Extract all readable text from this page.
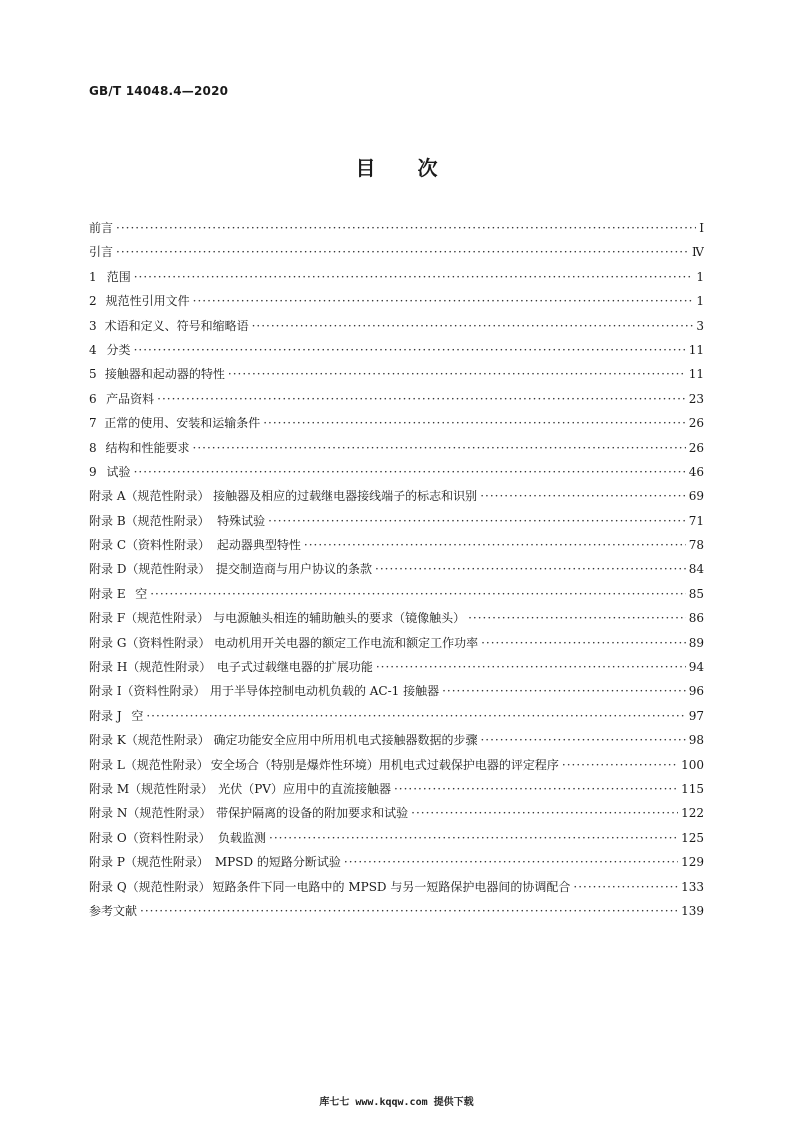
GB/T 14048.4—2020
目 次
前言 ·····	Ⅰ
引言 ·····	Ⅳ
1 范围 ·····	1
2 规范性引用文件 ·····	1
3 术语和定义、符号和缩略语 ·····	3
4 分类 ·····	11
5 接触器和起动器的特性 ·····	11
6 产品资料 ·····	23
7 正常的使用、安装和运输条件 ·····	26
8 结构和性能要求 ·····	26
9 试验 ·····	46
附录 A（规范性附录） 接触器及相应的过载继电器接线端子的标志和识别 ·····	69
附录 B（规范性附录） 特殊试验 ·····	71
附录 C（资料性附录） 起动器典型特性 ·····	78
附录 D（规范性附录） 提交制造商与用户协议的条款 ·····	84
附录 E 空 ·····	85
附录 F（规范性附录） 与电源触头相连的辅助触头的要求（镜像触头） ·····	86
附录 G（资料性附录） 电动机用开关电器的额定工作电流和额定工作功率 ·····	89
附录 H（规范性附录） 电子式过载继电器的扩展功能 ·····	94
附录 I（资料性附录） 用于半导体控制电动机负载的 AC-1 接触器 ·····	96
附录 J 空 ·····	97
附录 K（规范性附录） 确定功能安全应用中所用机电式接触器数据的步骤 ·····	98
附录 L（规范性附录） 安全场合（特别是爆炸性环境）用机电式过载保护电器的评定程序 ·····	100
附录 M（规范性附录） 光伏（PV）应用中的直流接触器 ·····	115
附录 N（规范性附录） 带保护隔离的设备的附加要求和试验 ·····	122
附录 O（资料性附录） 负载监测 ·····	125
附录 P（规范性附录） MPSD 的短路分断试验 ·····	129
附录 Q（规范性附录） 短路条件下同一电路中的 MPSD 与另一短路保护电器间的协调配合 ·····	133
参考文献 ·····	139
库七七 www.kqqw.com 提供下载
